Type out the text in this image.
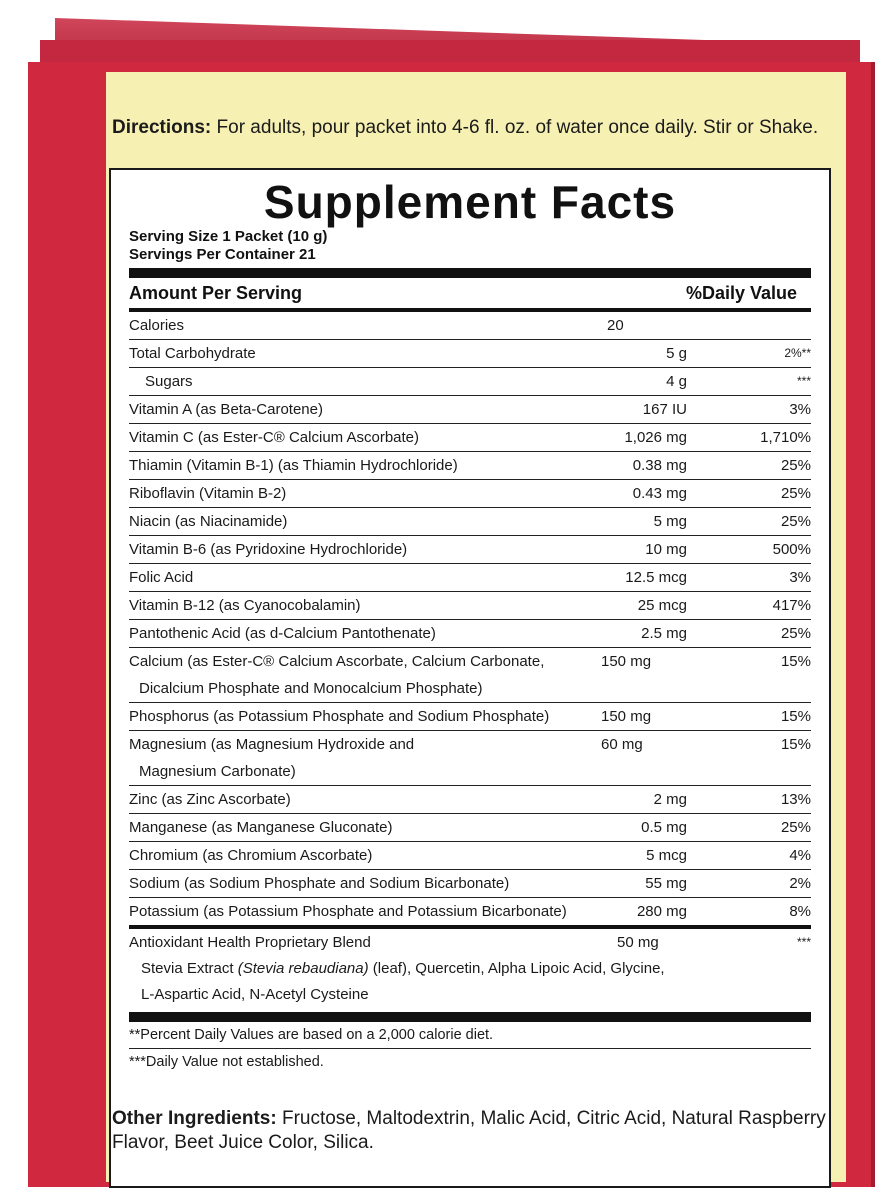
Directions: For adults, pour packet into 4-6 fl. oz. of water once daily. Stir or Shake.
Supplement Facts
Serving Size 1 Packet (10 g)
Servings Per Container 21
Amount Per Serving	%Daily Value
Calories	20
Total Carbohydrate	5 g	2%**
Sugars	4 g	***
Vitamin A (as Beta-Carotene)	167 IU	3%
Vitamin C (as Ester-C® Calcium Ascorbate)	1,026 mg	1,710%
Thiamin (Vitamin B-1) (as Thiamin Hydrochloride)	0.38 mg	25%
Riboflavin (Vitamin B-2)	0.43 mg	25%
Niacin (as Niacinamide)	5 mg	25%
Vitamin B-6 (as Pyridoxine Hydrochloride)	10 mg	500%
Folic Acid	12.5 mcg	3%
Vitamin B-12 (as Cyanocobalamin)	25 mcg	417%
Pantothenic Acid (as d-Calcium Pantothenate)	2.5 mg	25%
Calcium (as Ester-C® Calcium Ascorbate, Calcium Carbonate,
Dicalcium Phosphate and Monocalcium Phosphate)
150 mg	15%
Phosphorus (as Potassium Phosphate and Sodium Phosphate)	150 mg	15%
Magnesium (as Magnesium Hydroxide and
Magnesium Carbonate)
60 mg	15%
Zinc (as Zinc Ascorbate)	2 mg	13%
Manganese (as Manganese Gluconate)	0.5 mg	25%
Chromium (as Chromium Ascorbate)	5 mcg	4%
Sodium (as Sodium Phosphate and Sodium Bicarbonate)	55 mg	2%
Potassium (as Potassium Phosphate and Potassium Bicarbonate)	280 mg	8%
Antioxidant Health Proprietary Blend	50 mg	***
Stevia Extract (Stevia rebaudiana) (leaf), Quercetin, Alpha Lipoic Acid, Glycine,
L-Aspartic Acid, N-Acetyl Cysteine
**Percent Daily Values are based on a 2,000 calorie diet.
***Daily Value not established.
Other Ingredients: Fructose, Maltodextrin, Malic Acid, Citric Acid, Natural Raspberry Flavor, Beet Juice Color, Silica.
